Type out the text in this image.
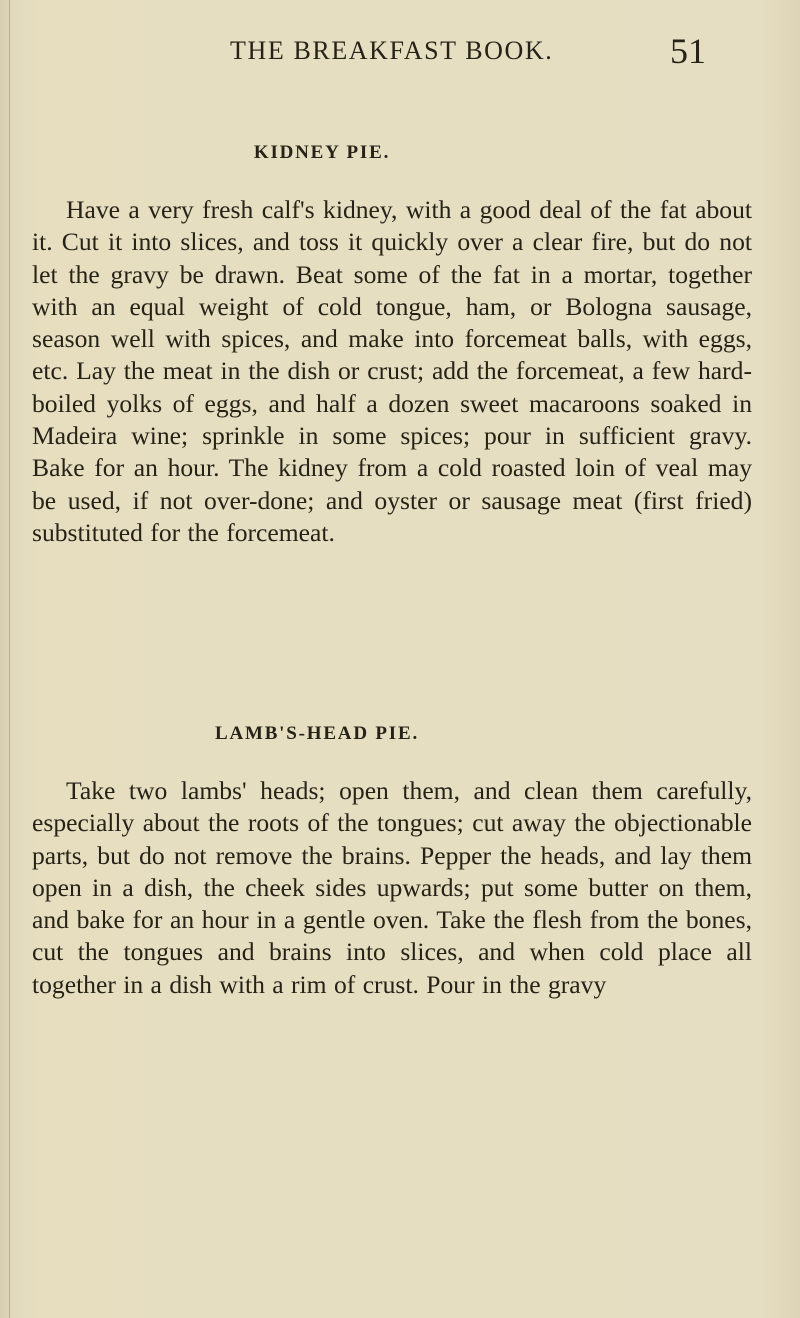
THE BREAKFAST BOOK.	51
KIDNEY PIE.

Have a very fresh calf's kidney, with a good deal of the fat about it. Cut it into slices, and toss it quickly over a clear fire, but do not let the gravy be drawn. Beat some of the fat in a mortar, together with an equal weight of cold tongue, ham, or Bologna sausage, season well with spices, and make into forcemeat balls, with eggs, etc. Lay the meat in the dish or crust; add the forcemeat, a few hard-boiled yolks of eggs, and half a dozen sweet macaroons soaked in Madeira wine; sprinkle in some spices; pour in sufficient gravy. Bake for an hour. The kidney from a cold roasted loin of veal may be used, if not over-done; and oyster or sausage meat (first fried) substituted for the forcemeat.

LAMB'S-HEAD PIE.

Take two lambs' heads; open them, and clean them carefully, especially about the roots of the tongues; cut away the objectionable parts, but do not remove the brains. Pepper the heads, and lay them open in a dish, the cheek sides upwards; put some butter on them, and bake for an hour in a gentle oven. Take the flesh from the bones, cut the tongues and brains into slices, and when cold place all together in a dish with a rim of crust. Pour in the gravy
